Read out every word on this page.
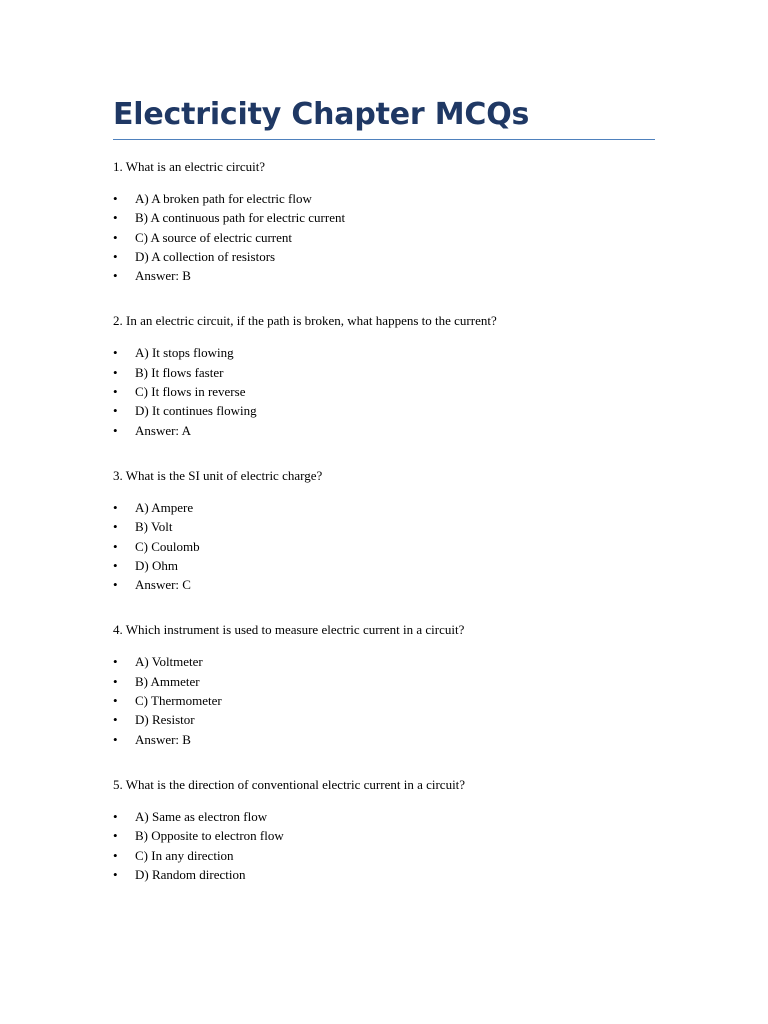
Electricity Chapter MCQs

1. What is an electric circuit?

• A) A broken path for electric flow
• B) A continuous path for electric current
• C) A source of electric current
• D) A collection of resistors
• Answer: B

2. In an electric circuit, if the path is broken, what happens to the current?

• A) It stops flowing
• B) It flows faster
• C) It flows in reverse
• D) It continues flowing
• Answer: A

3. What is the SI unit of electric charge?

• A) Ampere
• B) Volt
• C) Coulomb
• D) Ohm
• Answer: C

4. Which instrument is used to measure electric current in a circuit?

• A) Voltmeter
• B) Ammeter
• C) Thermometer
• D) Resistor
• Answer: B

5. What is the direction of conventional electric current in a circuit?

• A) Same as electron flow
• B) Opposite to electron flow
• C) In any direction
• D) Random direction
